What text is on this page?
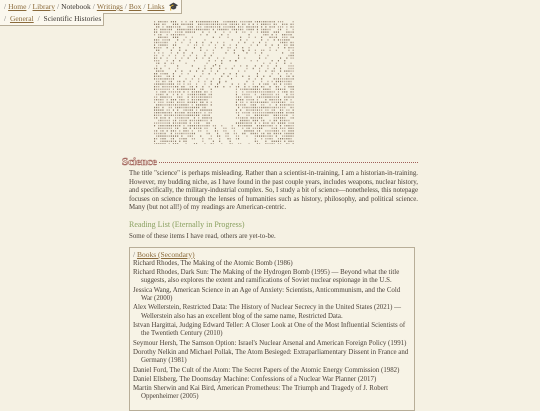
/ Home / Library / Notebook / Writings / Box / Links 🎓
/ General / Scientific Histories
Science
The title "science" is perhaps misleading. Rather than a scientist-in-training, I am a historian-in-training. However, my budding niche, as I have found in the past couple years, includes weapons, nuclear history, and specifically, the military-industrial complex. So, I study a bit of science—nonetheless, this notepage focuses on science through the lenses of humanities such as history, philosophy, and political science. Many (but not all!) of my readings are American-centric.
Reading List (Eternally in Progress)
Some of these items I have read, others are yet-to-be.
/ Books (Secondary)
Richard Rhodes, The Making of the Atomic Bomb (1986)
Richard Rhodes, Dark Sun: The Making of the Hydrogen Bomb (1995) — Beyond what the title suggests, also explores the extent and ramifications of Soviet nuclear espionage in the U.S.
Jessica Wang, American Science in an Age of Anxiety: Scientists, Anticommunism, and the Cold War (2000)
Alex Wellerstein, Restricted Data: The History of Nuclear Secrecy in the United States (2021) — Wellerstein also has an excellent blog of the same name, Restricted Data.
Istvan Hargittai, Judging Edward Teller: A Closer Look at One of the Most Influential Scientists of the Twentieth Century (2010)
Seymour Hersh, The Samson Option: Israel's Nuclear Arsenal and American Foreign Policy (1991)
Dorothy Nelkin and Michael Pollak, The Atom Besieged: Extraparliamentary Dissent in France and Germany (1981)
Daniel Ford, The Cult of the Atom: The Secret Papers of the Atomic Energy Commission (1982)
Daniel Ellsberg, The Doomsday Machine: Confessions of a Nuclear War Planner (2017)
Martin Sherwin and Kai Bird, American Prometheus: The Triumph and Tragedy of J. Robert Oppenheimer (2005)
